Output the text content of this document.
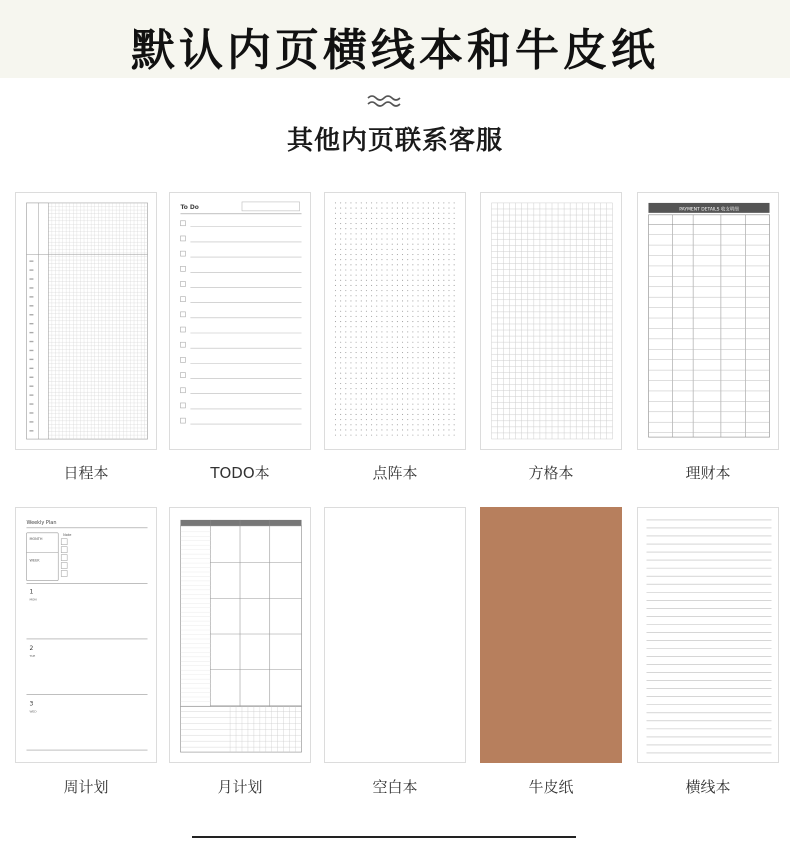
默认内页横线本和牛皮纸
其他内页联系客服
日程本
To Do
TODO本	点阵本	方格本
PAYMENT DETAILS 收支明细
理财本
Weekly Plan
MONTH
WEEK
Note
1
MON
2
TUE
3
WED
周计划	月计划	空白本	牛皮纸	横线本
